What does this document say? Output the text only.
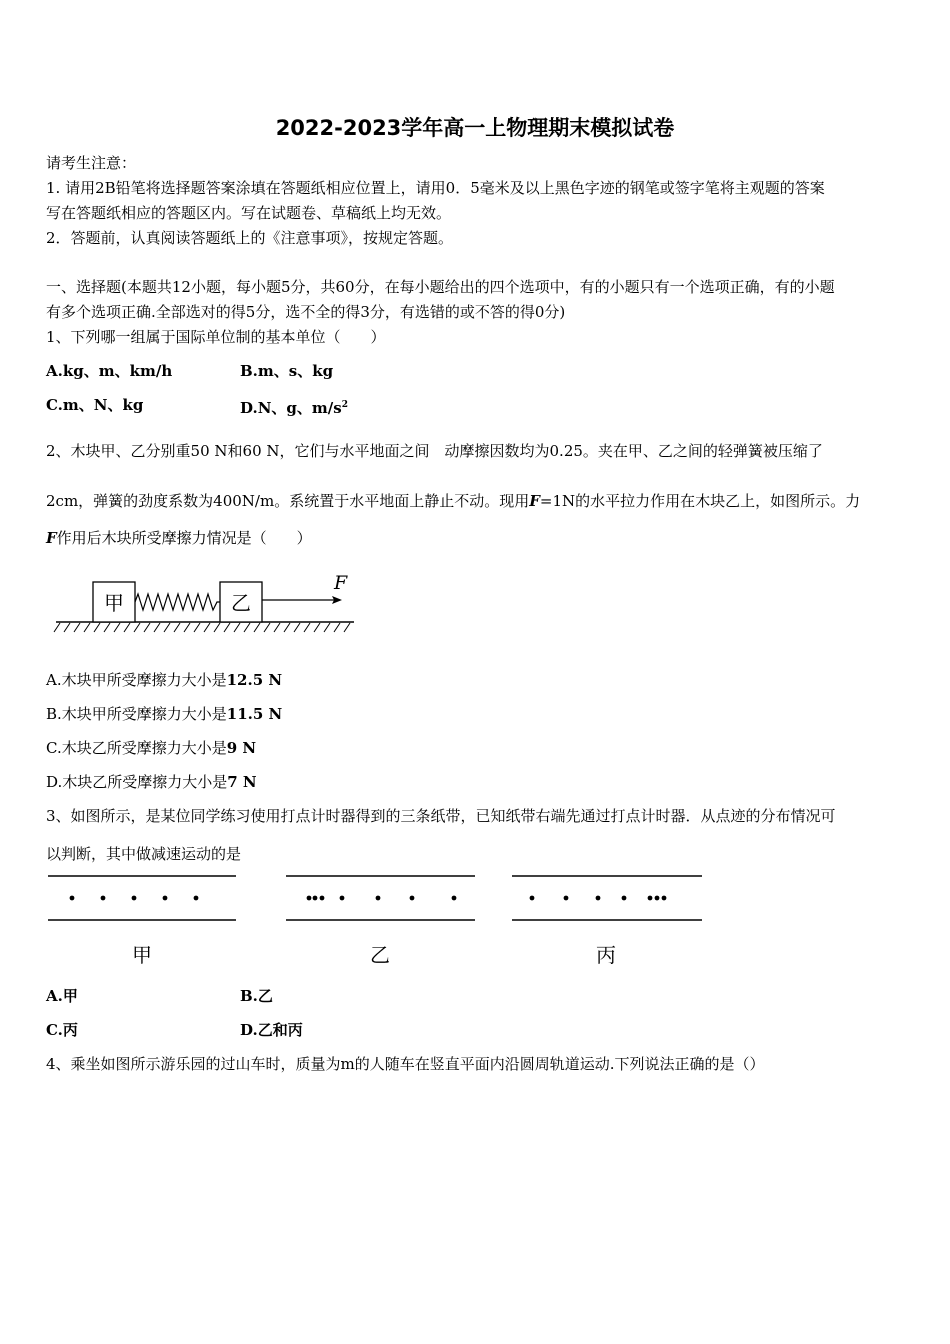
2022-2023学年高一上物理期末模拟试卷
请考生注意：
1. 请用2B铅笔将选择题答案涂填在答题纸相应位置上，请用0．5毫米及以上黑色字迹的钢笔或签字笔将主观题的答案
写在答题纸相应的答题区内。写在试题卷、草稿纸上均无效。
2．答题前，认真阅读答题纸上的《注意事项》，按规定答题。
一、选择题(本题共12小题，每小题5分，共60分，在每小题给出的四个选项中，有的小题只有一个选项正确，有的小题
有多个选项正确.全部选对的得5分，选不全的得3分，有选错的或不答的得0分)
1、下列哪一组属于国际单位制的基本单位（　　）
A.kg、m、km/h	B.m、s、kg
C.m、N、kg	D.N、g、$m/s^2$
2、木块甲、乙分别重50 N和60 N，它们与水平地面之间　动摩擦因数均为0.25。夹在甲、乙之间的轻弹簧被压缩了
2cm，弹簧的劲度系数为400N/m。系统置于水平地面上静止不动。现用F=1N的水平拉力作用在木块乙上，如图所示。力
F作用后木块所受摩擦力情况是（　　）
甲	乙
F
A.木块甲所受摩擦力大小是12.5 N
B.木块甲所受摩擦力大小是11.5 N
C.木块乙所受摩擦力大小是9 N
D.木块乙所受摩擦力大小是7 N
3、如图所示，是某位同学练习使用打点计时器得到的三条纸带，已知纸带右端先通过打点计时器．从点迹的分布情况可
以判断，其中做减速运动的是
甲	乙	丙
A.甲	B.乙
C.丙	D.乙和丙
4、乘坐如图所示游乐园的过山车时，质量为m的人随车在竖直平面内沿圆周轨道运动.下列说法正确的是（）
